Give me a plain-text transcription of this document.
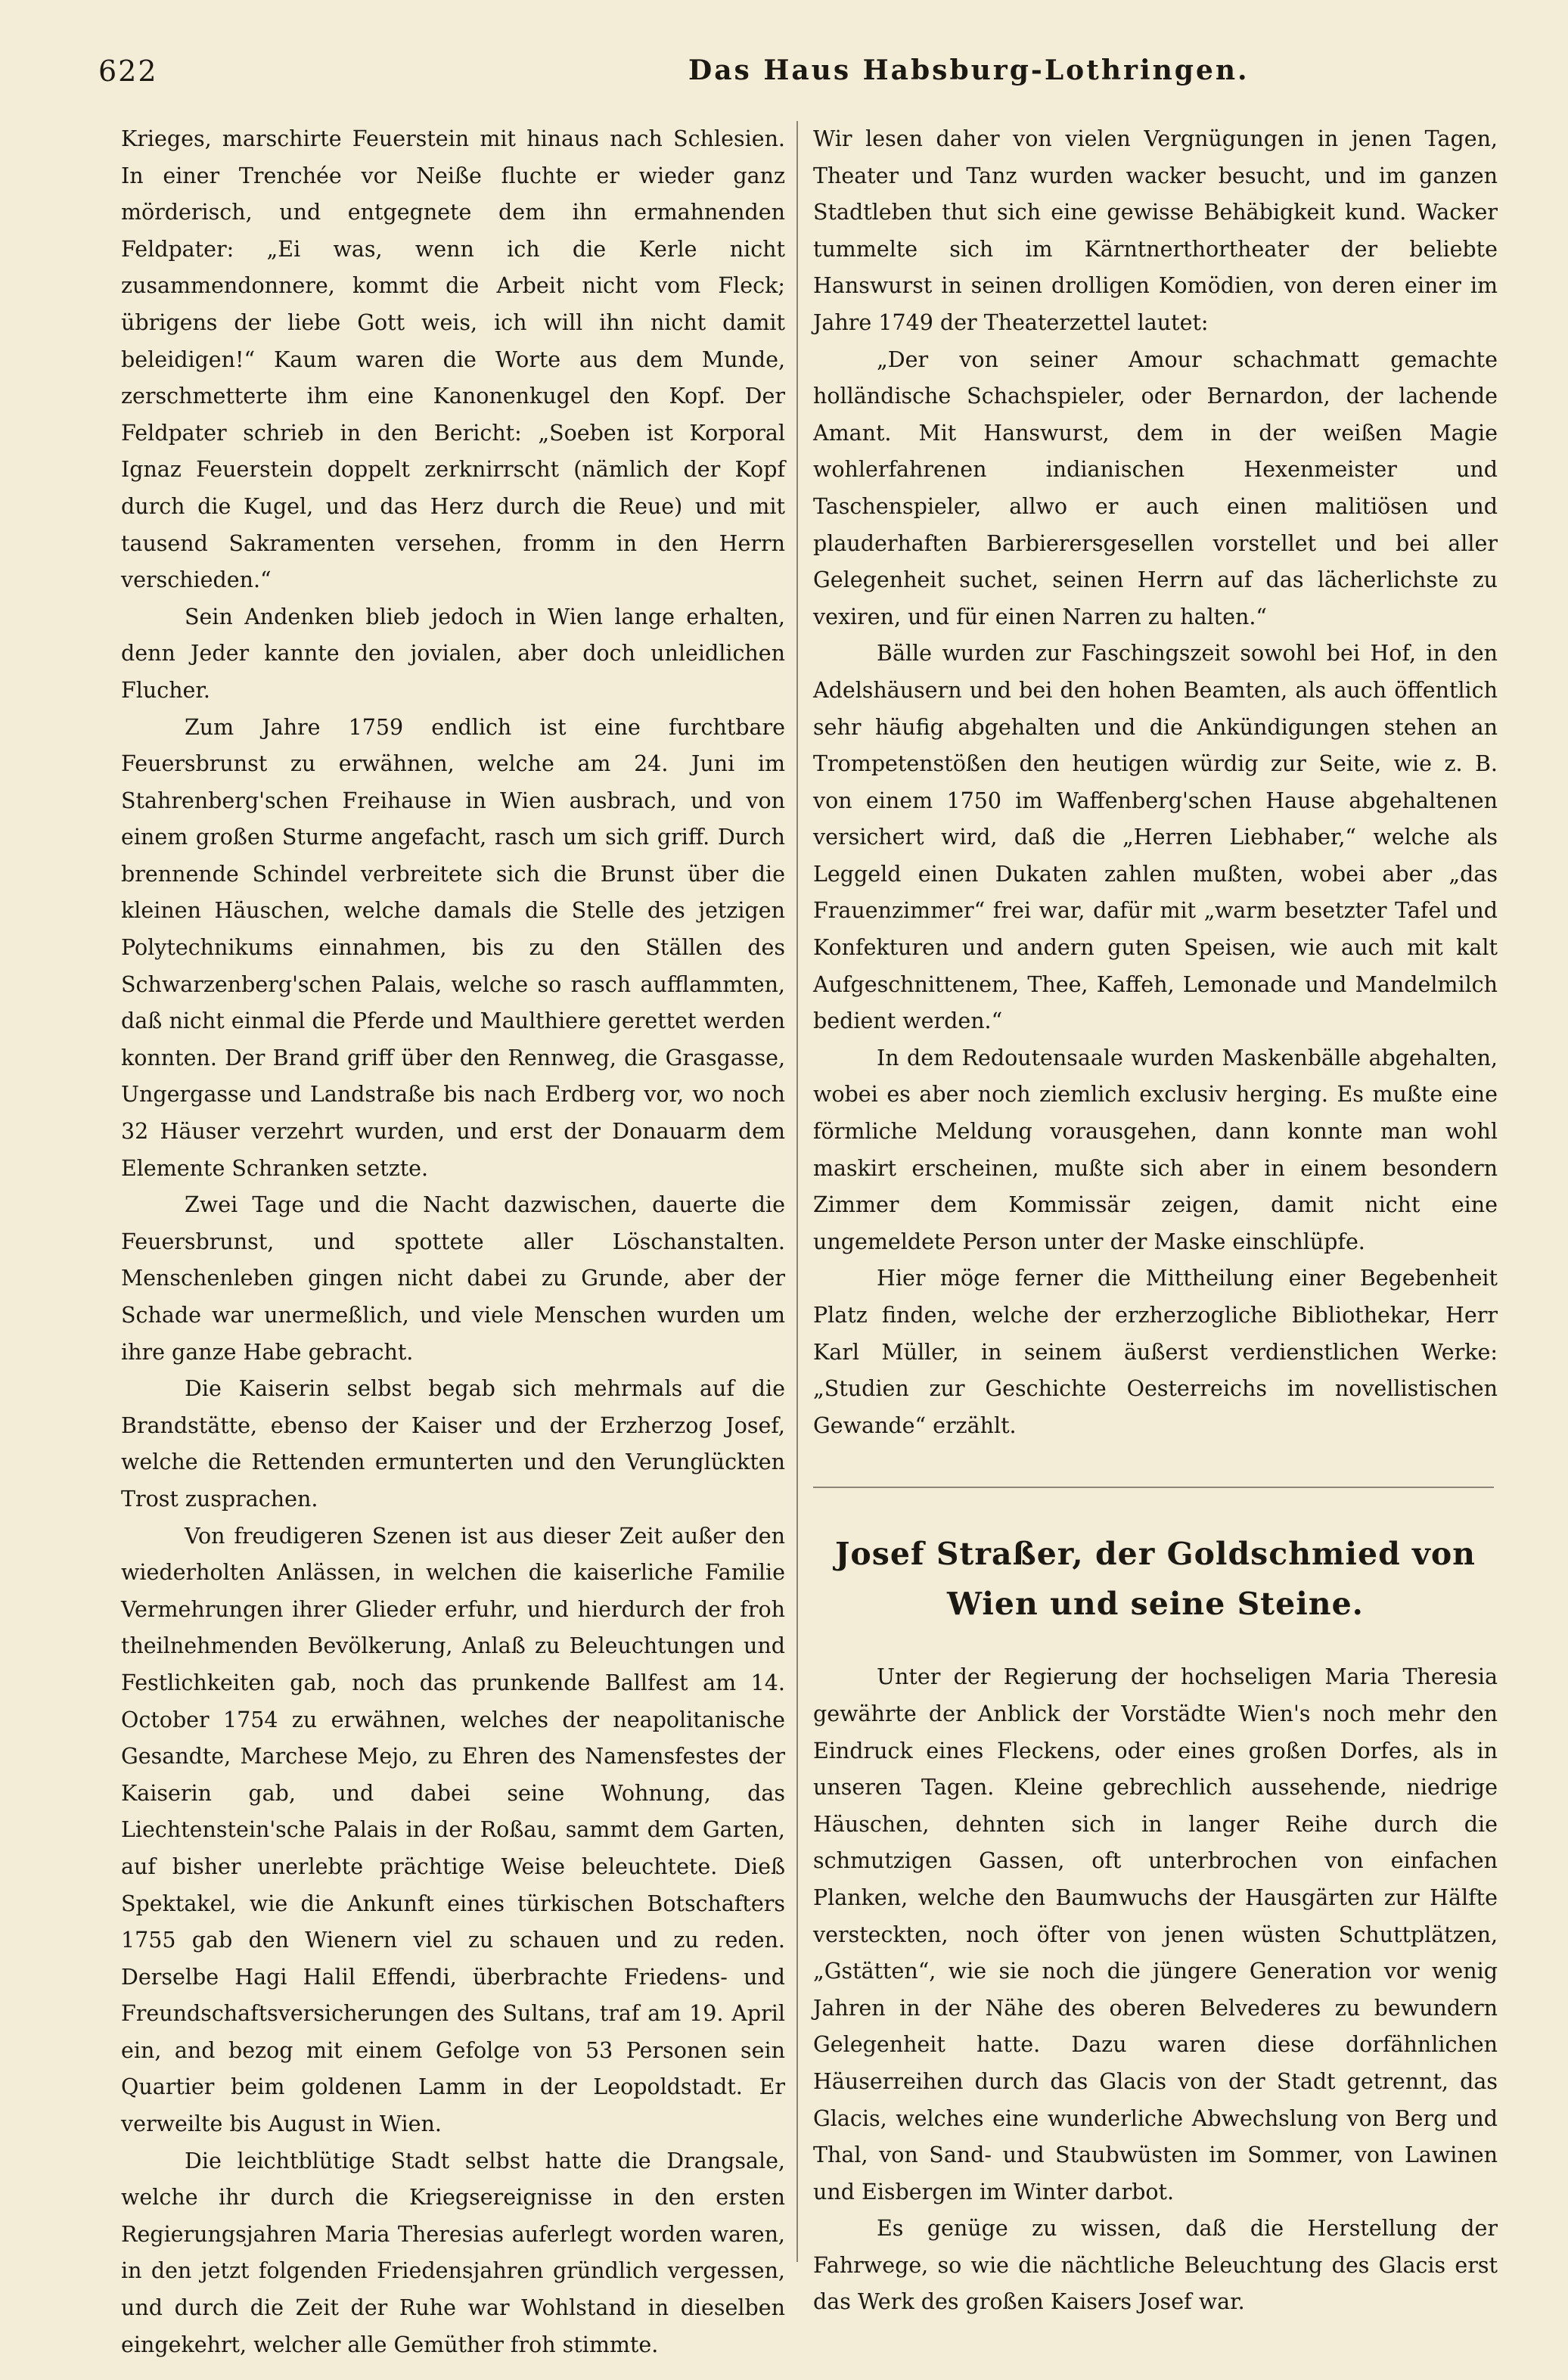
622	Das Haus Habsburg-Lothringen.

Krieges, marschirte Feuerstein mit hinaus nach Schlesien. In einer Trenchée vor Neiße fluchte er wieder ganz mörderisch, und entgegnete dem ihn ermahnenden Feldpater: „Ei was, wenn ich die Kerle nicht zusammendonnere, kommt die Arbeit nicht vom Fleck; übrigens der liebe Gott weis, ich will ihn nicht damit beleidigen!“ Kaum waren die Worte aus dem Munde, zerschmetterte ihm eine Kanonenkugel den Kopf. Der Feldpater schrieb in den Bericht: „Soeben ist Korporal Ignaz Feuerstein doppelt zerknirrscht (nämlich der Kopf durch die Kugel, und das Herz durch die Reue) und mit tausend Sakramenten versehen, fromm in den Herrn verschieden.“

Sein Andenken blieb jedoch in Wien lange erhalten, denn Jeder kannte den jovialen, aber doch unleidlichen Flucher.

Zum Jahre 1759 endlich ist eine furchtbare Feuersbrunst zu erwähnen, welche am 24. Juni im Stahrenberg'schen Freihause in Wien ausbrach, und von einem großen Sturme angefacht, rasch um sich griff. Durch brennende Schindel verbreitete sich die Brunst über die kleinen Häuschen, welche damals die Stelle des jetzigen Polytechnikums einnahmen, bis zu den Ställen des Schwarzenberg'schen Palais, welche so rasch aufflammten, daß nicht einmal die Pferde und Maulthiere gerettet werden konnten. Der Brand griff über den Rennweg, die Grasgasse, Ungergasse und Landstraße bis nach Erdberg vor, wo noch 32 Häuser verzehrt wurden, und erst der Donauarm dem Elemente Schranken setzte.

Zwei Tage und die Nacht dazwischen, dauerte die Feuersbrunst, und spottete aller Löschanstalten. Menschenleben gingen nicht dabei zu Grunde, aber der Schade war unermeßlich, und viele Menschen wurden um ihre ganze Habe gebracht.

Die Kaiserin selbst begab sich mehrmals auf die Brandstätte, ebenso der Kaiser und der Erzherzog Josef, welche die Rettenden ermunterten und den Verunglückten Trost zusprachen.

Von freudigeren Szenen ist aus dieser Zeit außer den wiederholten Anlässen, in welchen die kaiserliche Familie Vermehrungen ihrer Glieder erfuhr, und hierdurch der froh theilnehmenden Bevölkerung, Anlaß zu Beleuchtungen und Festlichkeiten gab, noch das prunkende Ballfest am 14. October 1754 zu erwähnen, welches der neapolitanische Gesandte, Marchese Mejo, zu Ehren des Namensfestes der Kaiserin gab, und dabei seine Wohnung, das Liechtenstein'sche Palais in der Roßau, sammt dem Garten, auf bisher unerlebte prächtige Weise beleuchtete. Dieß Spektakel, wie die Ankunft eines türkischen Botschafters 1755 gab den Wienern viel zu schauen und zu reden. Derselbe Hagi Halil Effendi, überbrachte Friedens- und Freundschaftsversicherungen des Sultans, traf am 19. April ein, and bezog mit einem Gefolge von 53 Personen sein Quartier beim goldenen Lamm in der Leopoldstadt. Er verweilte bis August in Wien.

Die leichtblütige Stadt selbst hatte die Drangsale, welche ihr durch die Kriegsereignisse in den ersten Regierungsjahren Maria Theresias auferlegt worden waren, in den jetzt folgenden Friedensjahren gründlich vergessen, und durch die Zeit der Ruhe war Wohlstand in dieselben eingekehrt, welcher alle Gemüther froh stimmte.

Wir lesen daher von vielen Vergnügungen in jenen Tagen, Theater und Tanz wurden wacker besucht, und im ganzen Stadtleben thut sich eine gewisse Behäbigkeit kund. Wacker tummelte sich im Kärntnerthortheater der beliebte Hanswurst in seinen drolligen Komödien, von deren einer im Jahre 1749 der Theaterzettel lautet:

„Der von seiner Amour schachmatt gemachte holländische Schachspieler, oder Bernardon, der lachende Amant. Mit Hanswurst, dem in der weißen Magie wohlerfahrenen indianischen Hexenmeister und Taschenspieler, allwo er auch einen malitiösen und plauderhaften Barbierersgesellen vorstellet und bei aller Gelegenheit suchet, seinen Herrn auf das lächerlichste zu vexiren, und für einen Narren zu halten.“

Bälle wurden zur Faschingszeit sowohl bei Hof, in den Adelshäusern und bei den hohen Beamten, als auch öffentlich sehr häufig abgehalten und die Ankündigungen stehen an Trompetenstößen den heutigen würdig zur Seite, wie z. B. von einem 1750 im Waffenberg'schen Hause abgehaltenen versichert wird, daß die „Herren Liebhaber,“ welche als Leggeld einen Dukaten zahlen mußten, wobei aber „das Frauenzimmer“ frei war, dafür mit „warm besetzter Tafel und Konfekturen und andern guten Speisen, wie auch mit kalt Aufgeschnittenem, Thee, Kaffeh, Lemonade und Mandelmilch bedient werden.“

In dem Redoutensaale wurden Maskenbälle abgehalten, wobei es aber noch ziemlich exclusiv herging. Es mußte eine förmliche Meldung vorausgehen, dann konnte man wohl maskirt erscheinen, mußte sich aber in einem besondern Zimmer dem Kommissär zeigen, damit nicht eine ungemeldete Person unter der Maske einschlüpfe.

Hier möge ferner die Mittheilung einer Begebenheit Platz finden, welche der erzherzogliche Bibliothekar, Herr Karl Müller, in seinem äußerst verdienstlichen Werke: „Studien zur Geschichte Oesterreichs im novellistischen Gewande“ erzählt.

Josef Straßer, der Goldschmied von Wien und seine Steine.

Unter der Regierung der hochseligen Maria Theresia gewährte der Anblick der Vorstädte Wien's noch mehr den Eindruck eines Fleckens, oder eines großen Dorfes, als in unseren Tagen. Kleine gebrechlich aussehende, niedrige Häuschen, dehnten sich in langer Reihe durch die schmutzigen Gassen, oft unterbrochen von einfachen Planken, welche den Baumwuchs der Hausgärten zur Hälfte versteckten, noch öfter von jenen wüsten Schuttplätzen, „Gstätten“, wie sie noch die jüngere Generation vor wenig Jahren in der Nähe des oberen Belvederes zu bewundern Gelegenheit hatte. Dazu waren diese dorfähnlichen Häuserreihen durch das Glacis von der Stadt getrennt, das Glacis, welches eine wunderliche Abwechslung von Berg und Thal, von Sand- und Staubwüsten im Sommer, von Lawinen und Eisbergen im Winter darbot.

Es genüge zu wissen, daß die Herstellung der Fahrwege, so wie die nächtliche Beleuchtung des Glacis erst das Werk des großen Kaisers Josef war.
